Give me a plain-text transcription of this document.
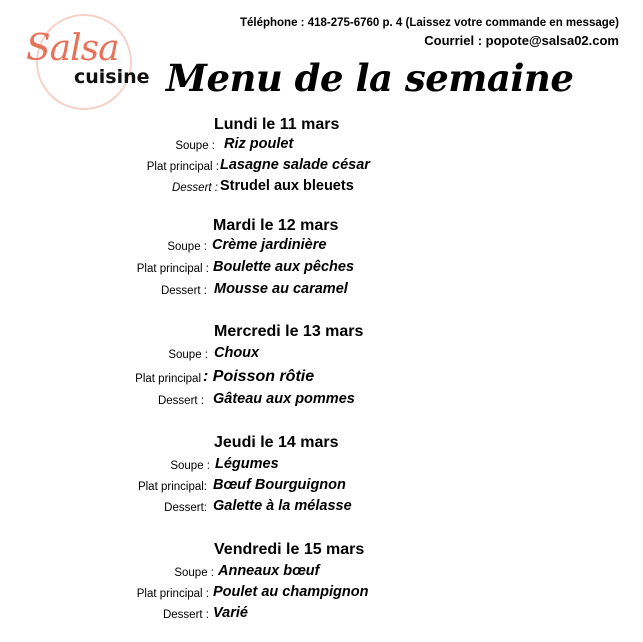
Téléphone : 418-275-6760 p. 4 (Laissez votre commande en message)
Courriel : popote@salsa02.com
Salsa
cuisine Menu de la semaine
Lundi le 11 mars
Soupe : Riz poulet
Plat principal : Lasagne salade césar
Dessert : Strudel aux bleuets
Mardi le 12 mars
Soupe : Crème jardinière
Plat principal : Boulette aux pêches
Dessert : Mousse au caramel
Mercredi le 13 mars
Soupe : Choux
Plat principal : Poisson rôtie
Dessert : Gâteau aux pommes
Jeudi le 14 mars
Soupe : Légumes
Plat principal: Bœuf Bourguignon
Dessert: Galette à la mélasse
Vendredi le 15 mars
Soupe : Anneaux bœuf
Plat principal : Poulet au champignon
Dessert : Varié
